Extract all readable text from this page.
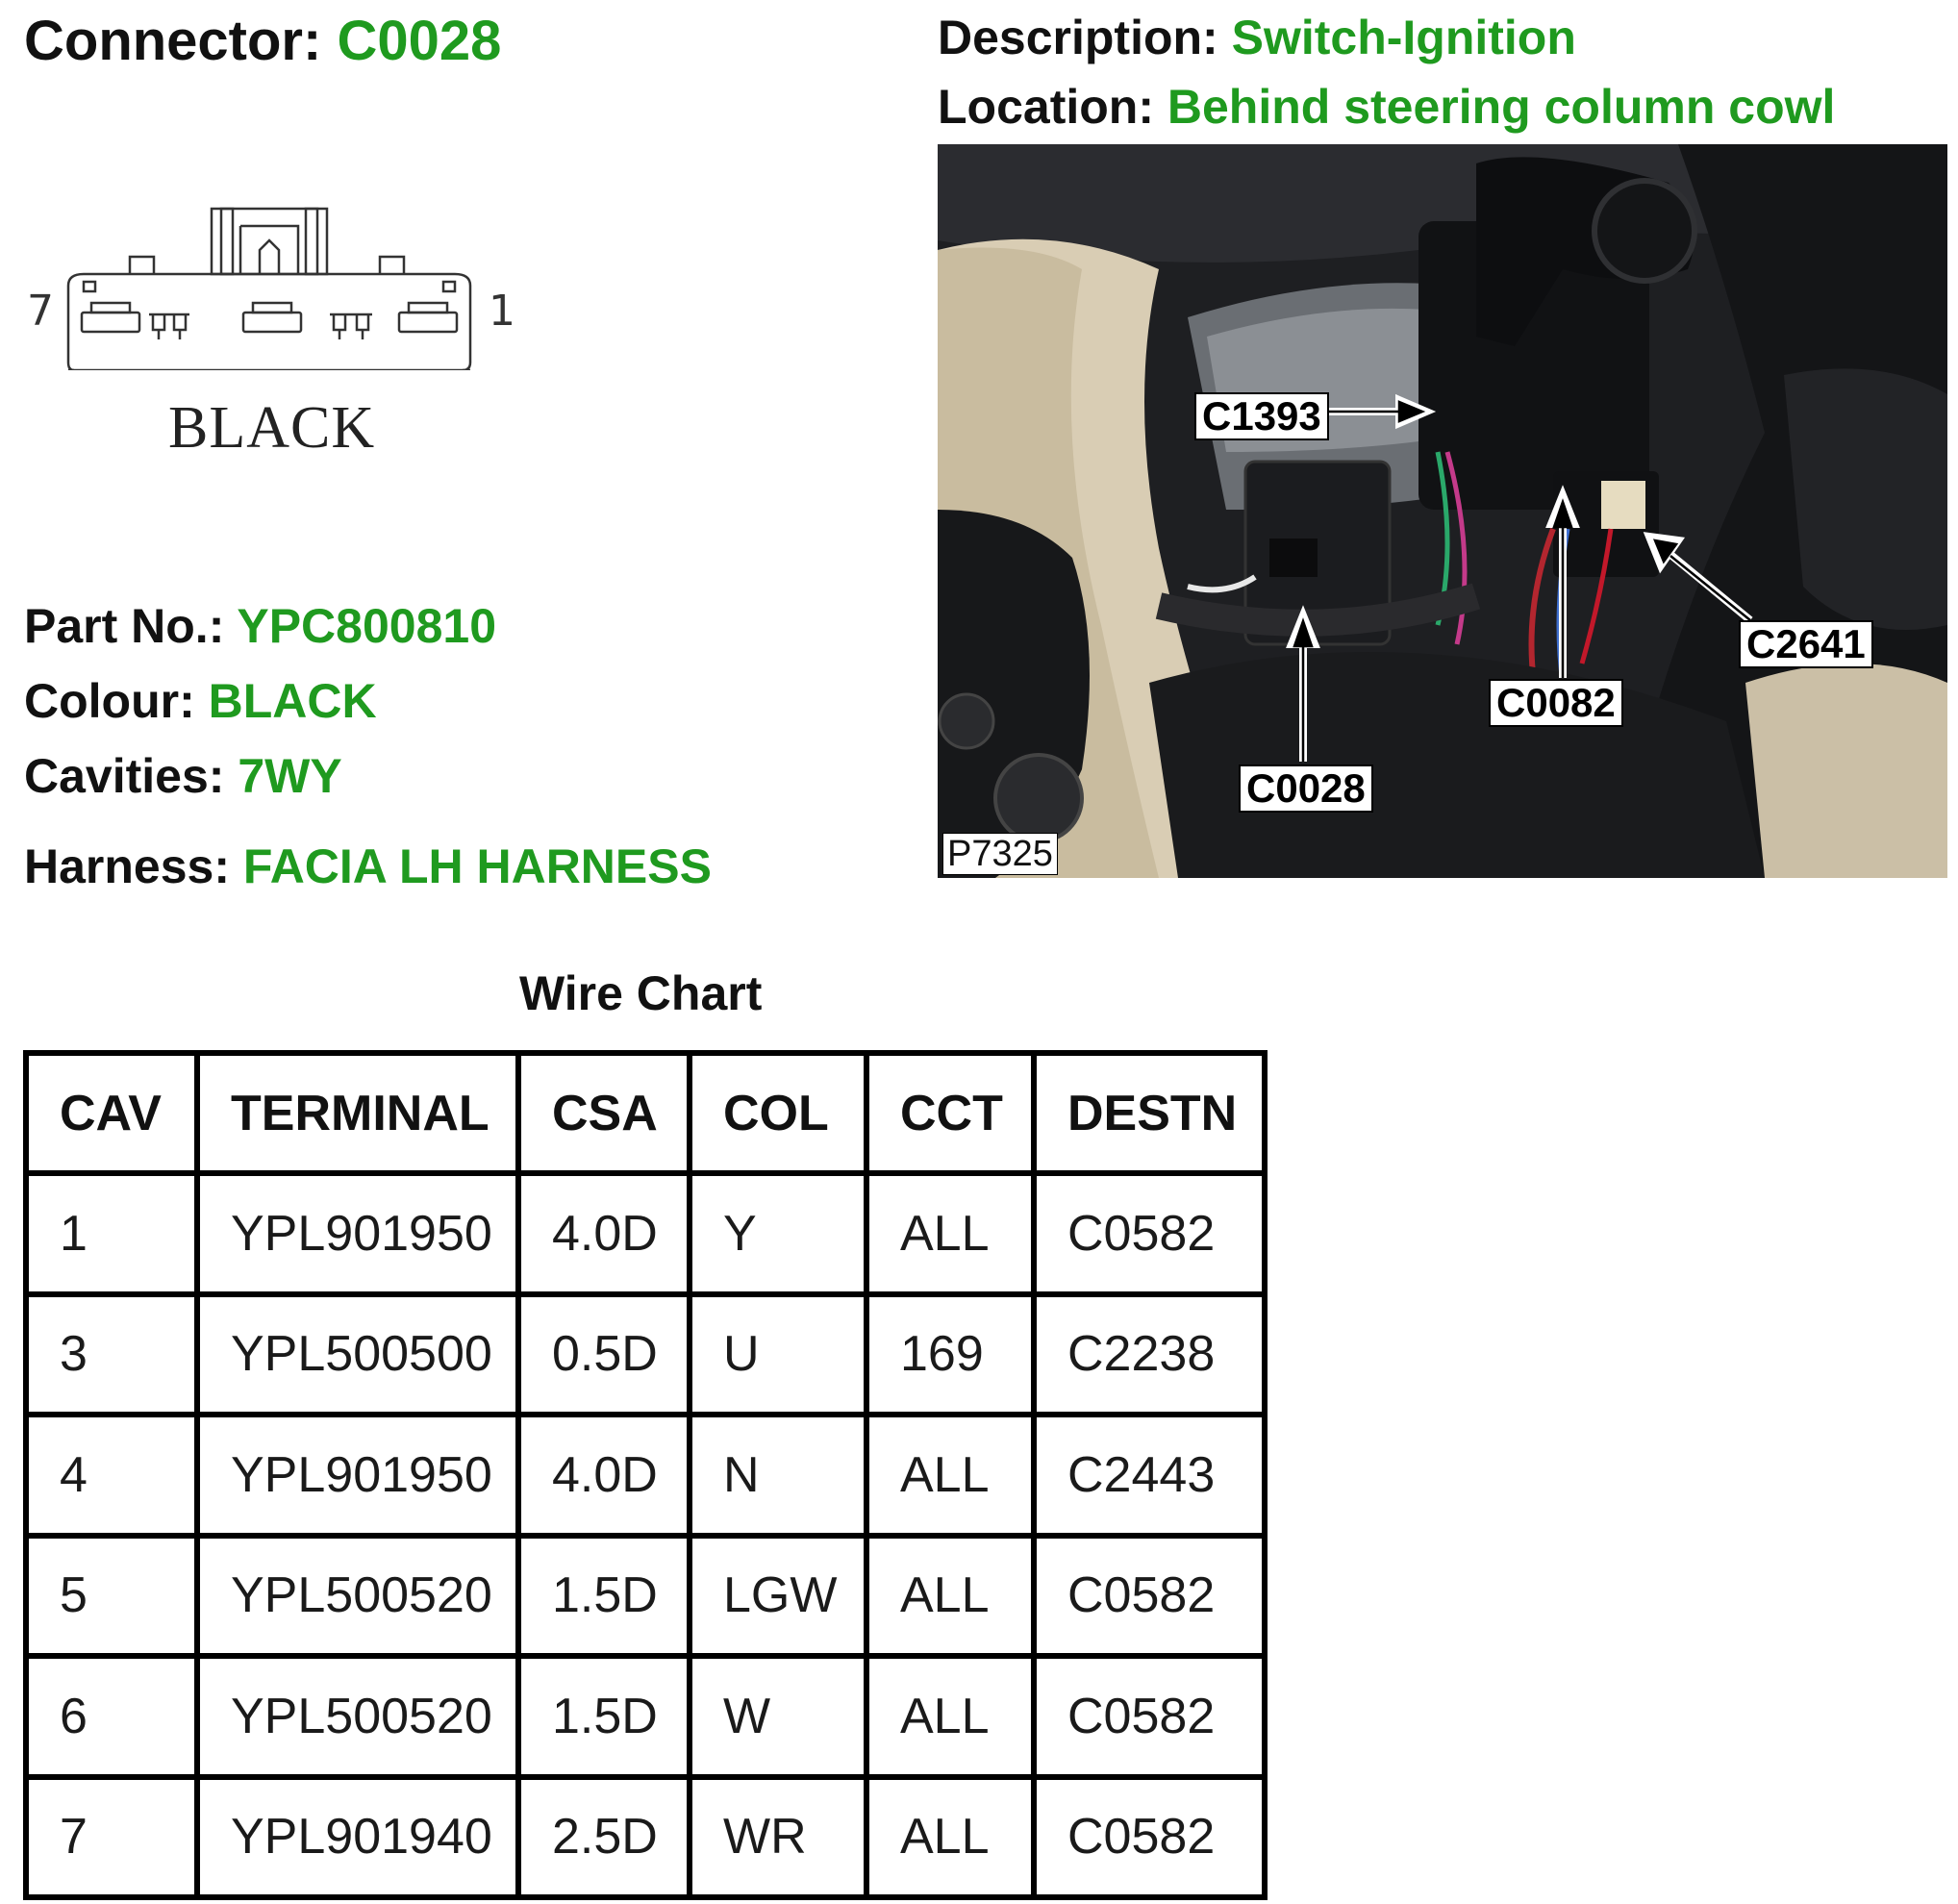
Connector: C0028	Description: Switch-Ignition
Location: Behind steering column cowl
7	1
BLACK
Part No.: YPC800810
Colour: BLACK
Cavities: 7WY
Harness: FACIA LH HARNESS
C1393
C0082
C2641
C0028
P7325
Wire Chart
CAV	TERMINAL	CSA	COL	CCT	DESTN
1	YPL901950	4.0D	Y	ALL	C0582
3	YPL500500	0.5D	U	169	C2238
4	YPL901950	4.0D	N	ALL	C2443
5	YPL500520	1.5D	LGW	ALL	C0582
6	YPL500520	1.5D	W	ALL	C0582
7	YPL901940	2.5D	WR	ALL	C0582
